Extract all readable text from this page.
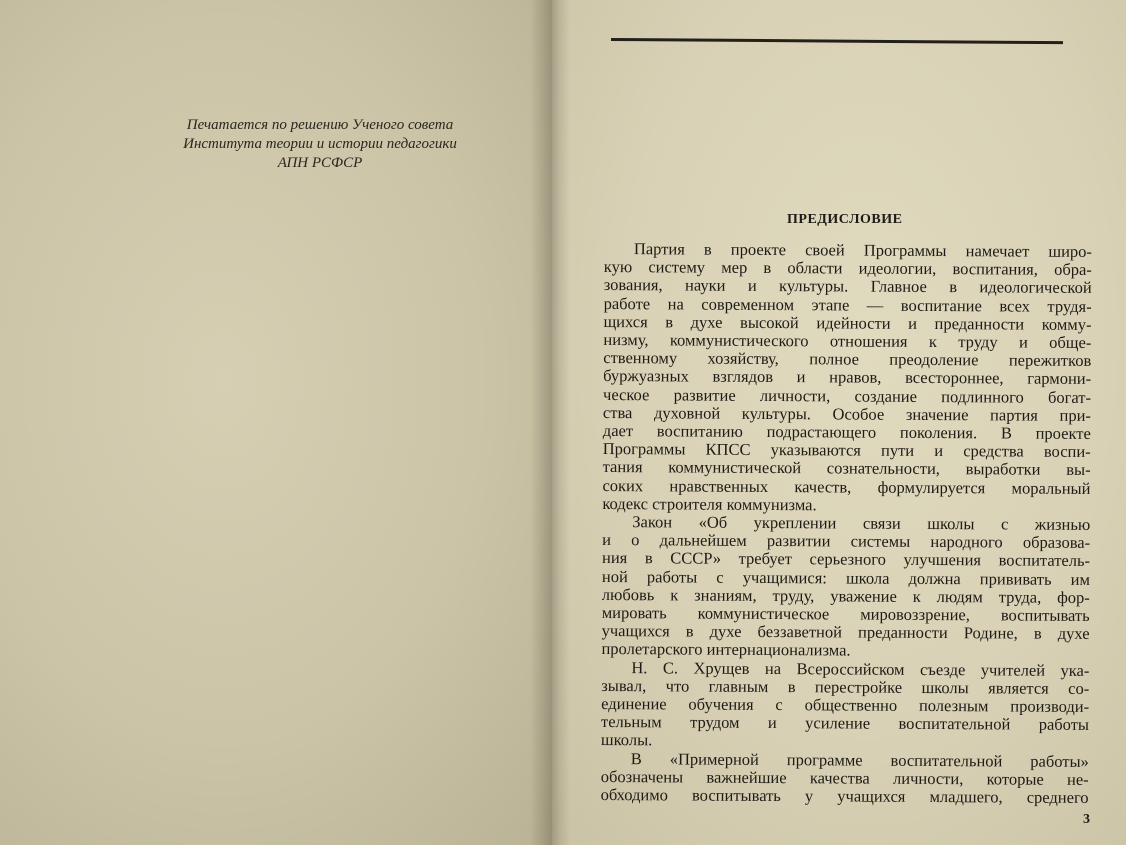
Печатается по решению Ученого совета
Института теории и истории педагогики
АПН РСФСР
ПРЕДИСЛОВИЕ
Партия в проекте своей Программы намечает широ-
кую систему мер в области идеологии, воспитания, обра-
зования, науки и культуры. Главное в идеологической
работе на современном этапе — воспитание всех трудя-
щихся в духе высокой идейности и преданности комму-
низму, коммунистического отношения к труду и обще-
ственному хозяйству, полное преодоление пережитков
буржуазных взглядов и нравов, всестороннее, гармони-
ческое развитие личности, создание подлинного богат-
ства духовной культуры. Особое значение партия при-
дает воспитанию подрастающего поколения. В проекте
Программы КПСС указываются пути и средства воспи-
тания коммунистической сознательности, выработки вы-
соких нравственных качеств, формулируется моральный
кодекс строителя коммунизма.
Закон «Об укреплении связи школы с жизнью
и о дальнейшем развитии системы народного образова-
ния в СССР» требует серьезного улучшения воспитатель-
ной работы с учащимися: школа должна прививать им
любовь к знаниям, труду, уважение к людям труда, фор-
мировать коммунистическое мировоззрение, воспитывать
учащихся в духе беззаветной преданности Родине, в духе
пролетарского интернационализма.
Н. С. Хрущев на Всероссийском съезде учителей ука-
зывал, что главным в перестройке школы является со-
единение обучения с общественно полезным производи-
тельным трудом и усиление воспитательной работы
школы.
В «Примерной программе воспитательной работы»
обозначены важнейшие качества личности, которые не-
обходимо воспитывать у учащихся младшего, среднего
3
